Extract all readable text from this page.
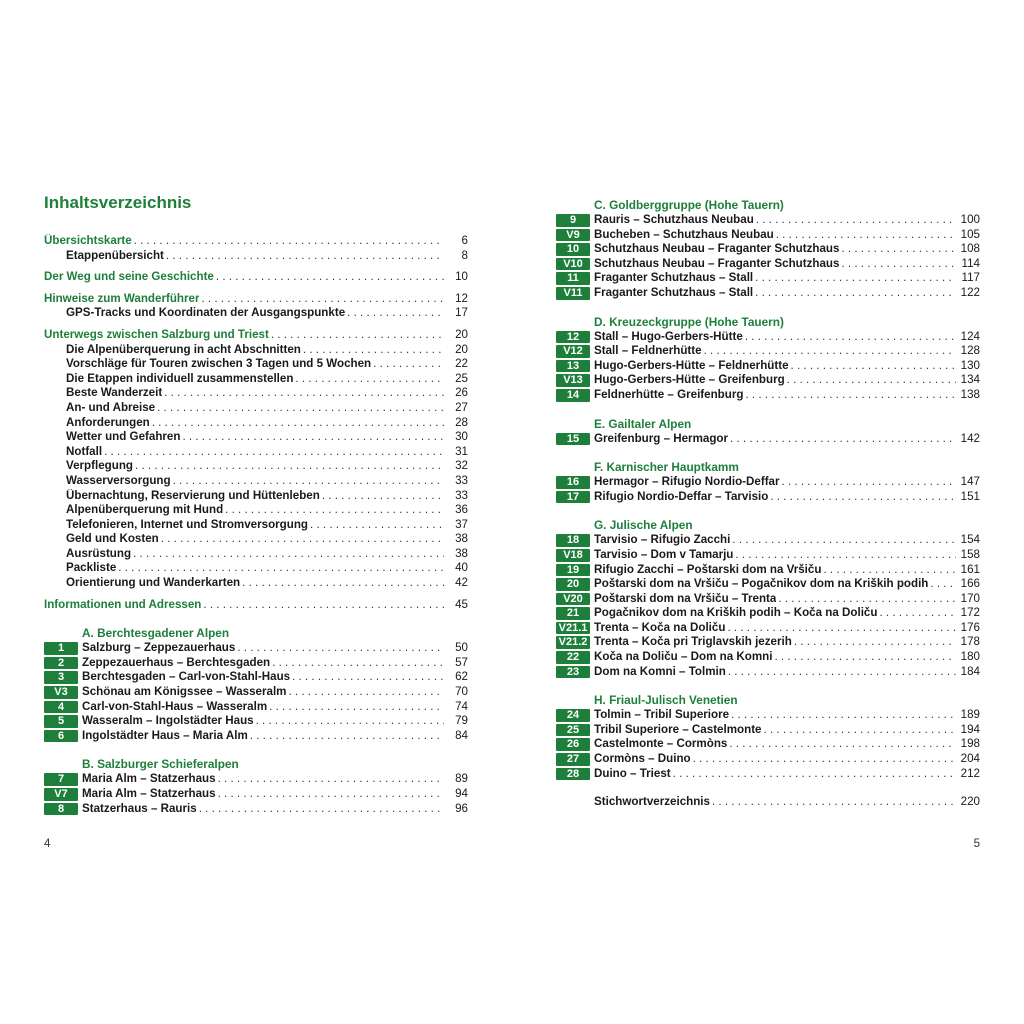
Inhaltsverzeichnis
Übersichtskarte . . .	6
Etappenübersicht . . .	8
Der Weg und seine Geschichte . . .	10
Hinweise zum Wanderführer . . .	12
GPS-Tracks und Koordinaten der Ausgangspunkte . . .	17
Unterwegs zwischen Salzburg und Triest . . .	20
Die Alpenüberquerung in acht Abschnitten . . .	20
Vorschläge für Touren zwischen 3 Tagen und 5 Wochen . . .	22
Die Etappen individuell zusammenstellen . . .	25
Beste Wanderzeit . . .	26
An- und Abreise . . .	27
Anforderungen . . .	28
Wetter und Gefahren . . .	30
Notfall . . .	31
Verpflegung . . .	32
Wasserversorgung . . .	33
Übernachtung, Reservierung und Hüttenleben . . .	33
Alpenüberquerung mit Hund . . .	36
Telefonieren, Internet und Stromversorgung . . .	37
Geld und Kosten . . .	38
Ausrüstung . . .	38
Packliste . . .	40
Orientierung und Wanderkarten . . .	42
Informationen und Adressen . . .	45
A. Berchtesgadener Alpen
1	Salzburg – Zeppezauerhaus . . .	50
2	Zeppezauerhaus – Berchtesgaden . . .	57
3	Berchtesgaden – Carl-von-Stahl-Haus . . .	62
V3	Schönau am Königssee – Wasseralm . . .	70
4	Carl-von-Stahl-Haus – Wasseralm . . .	74
5	Wasseralm – Ingolstädter Haus . . .	79
6	Ingolstädter Haus – Maria Alm . . .	84
B. Salzburger Schieferalpen
7	Maria Alm – Statzerhaus . . .	89
V7	Maria Alm – Statzerhaus . . .	94
8	Statzerhaus – Rauris . . .	96
4
C. Goldberggruppe (Hohe Tauern)
9	Rauris – Schutzhaus Neubau . . .	100
V9	Bucheben – Schutzhaus Neubau . . .	105
10	Schutzhaus Neubau – Fraganter Schutzhaus . . .	108
V10 Schutzhaus Neubau – Fraganter Schutzhaus . . .	114
11	Fraganter Schutzhaus – Stall . . .	117
V11 Fraganter Schutzhaus – Stall . . .	122
D. Kreuzeckgruppe (Hohe Tauern)
12	Stall – Hugo-Gerbers-Hütte . . .	124
V12 Stall – Feldnerhütte . . .	128
13	Hugo-Gerbers-Hütte – Feldnerhütte . . .	130
V13 Hugo-Gerbers-Hütte – Greifenburg . . .	134
14	Feldnerhütte – Greifenburg . . .	138
E. Gailtaler Alpen
15	Greifenburg – Hermagor . . .	142
F. Karnischer Hauptkamm
16	Hermagor – Rifugio Nordio-Deffar . . .	147
17	Rifugio Nordio-Deffar – Tarvisio . . .	151
G. Julische Alpen
18	Tarvisio – Rifugio Zacchi . . .	154
V18 Tarvisio – Dom v Tamarju . . .	158
19	Rifugio Zacchi – Poštarski dom na Vršiču . . .	161
20	Poštarski dom na Vršiču – Pogačnikov dom na Kriških podih . . .	166
V20 Poštarski dom na Vršiču – Trenta . . .	170
21	Pogačnikov dom na Kriških podih – Koča na Doliču . . .	172
V21.1 Trenta – Koča na Doliču . . .	176
V21.2 Trenta – Koča pri Triglavskih jezerih . . .	178
22	Koča na Doliču – Dom na Komni . . .	180
23	Dom na Komni – Tolmin . . .	184
H. Friaul-Julisch Venetien
24	Tolmin – Tribil Superiore . . .	189
25	Tribil Superiore – Castelmonte . . .	194
26	Castelmonte – Cormòns . . .	198
27	Cormòns – Duino . . .	204
28	Duino – Triest . . .	212
Stichwortverzeichnis . . .	220
5
